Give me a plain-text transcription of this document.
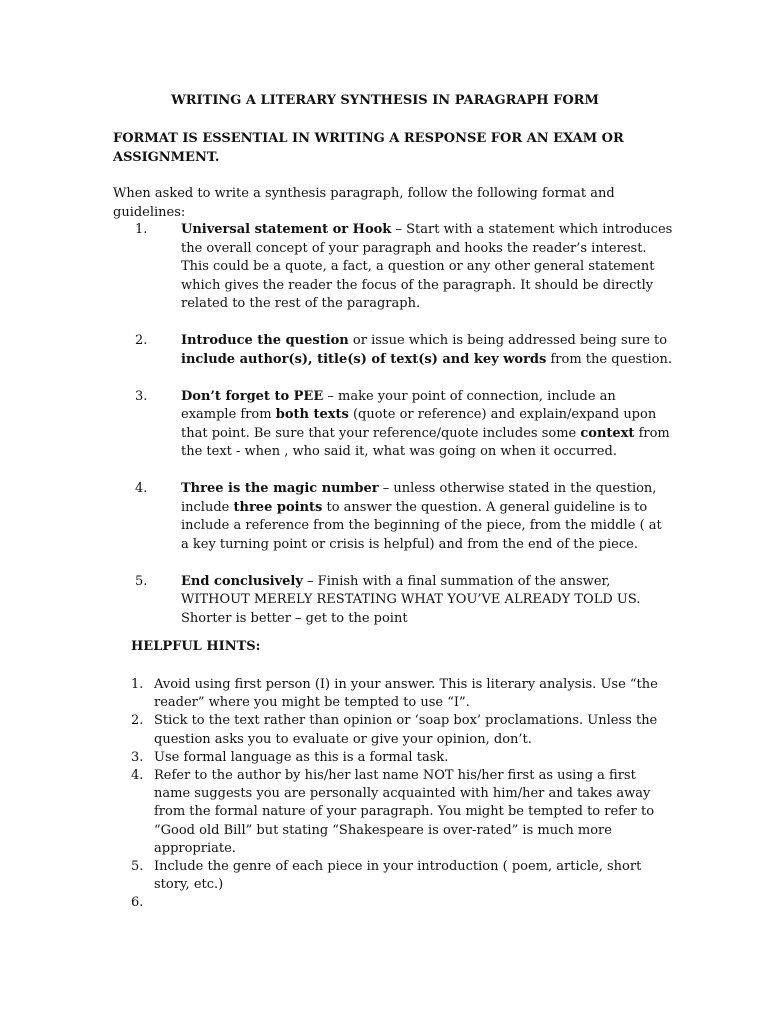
WRITING A LITERARY SYNTHESIS IN PARAGRAPH FORM
FORMAT IS ESSENTIAL IN WRITING A RESPONSE FOR AN EXAM OR ASSIGNMENT.
When asked to write a synthesis paragraph, follow the following format and guidelines:
1.	Universal statement or Hook – Start with a statement which introduces the overall concept of your paragraph and hooks the reader’s interest. This could be a quote, a fact, a question or any other general statement which gives the reader the focus of the paragraph. It should be directly related to the rest of the paragraph.
2.	Introduce the question or issue which is being addressed being sure to include author(s), title(s) of text(s) and key words from the question.
3.	Don’t forget to PEE – make your point of connection, include an example from both texts (quote or reference) and explain/expand upon that point. Be sure that your reference/quote includes some context from the text - when , who said it, what was going on when it occurred.
4.	Three is the magic number – unless otherwise stated in the question, include three points to answer the question. A general guideline is to include a reference from the beginning of the piece, from the middle ( at a key turning point or crisis is helpful) and from the end of the piece.
5.	End conclusively – Finish with a final summation of the answer, WITHOUT MERELY RESTATING WHAT YOU’VE ALREADY TOLD US. Shorter is better – get to the point
HELPFUL HINTS:
1. Avoid using first person (I) in your answer. This is literary analysis. Use “the reader” where you might be tempted to use “I”.
2. Stick to the text rather than opinion or ‘soap box’ proclamations. Unless the question asks you to evaluate or give your opinion, don’t.
3. Use formal language as this is a formal task.
4. Refer to the author by his/her last name NOT his/her first as using a first name suggests you are personally acquainted with him/her and takes away from the formal nature of your paragraph. You might be tempted to refer to “Good old Bill” but stating “Shakespeare is over-rated” is much more appropriate.
5. Include the genre of each piece in your introduction ( poem, article, short story, etc.)
6.
